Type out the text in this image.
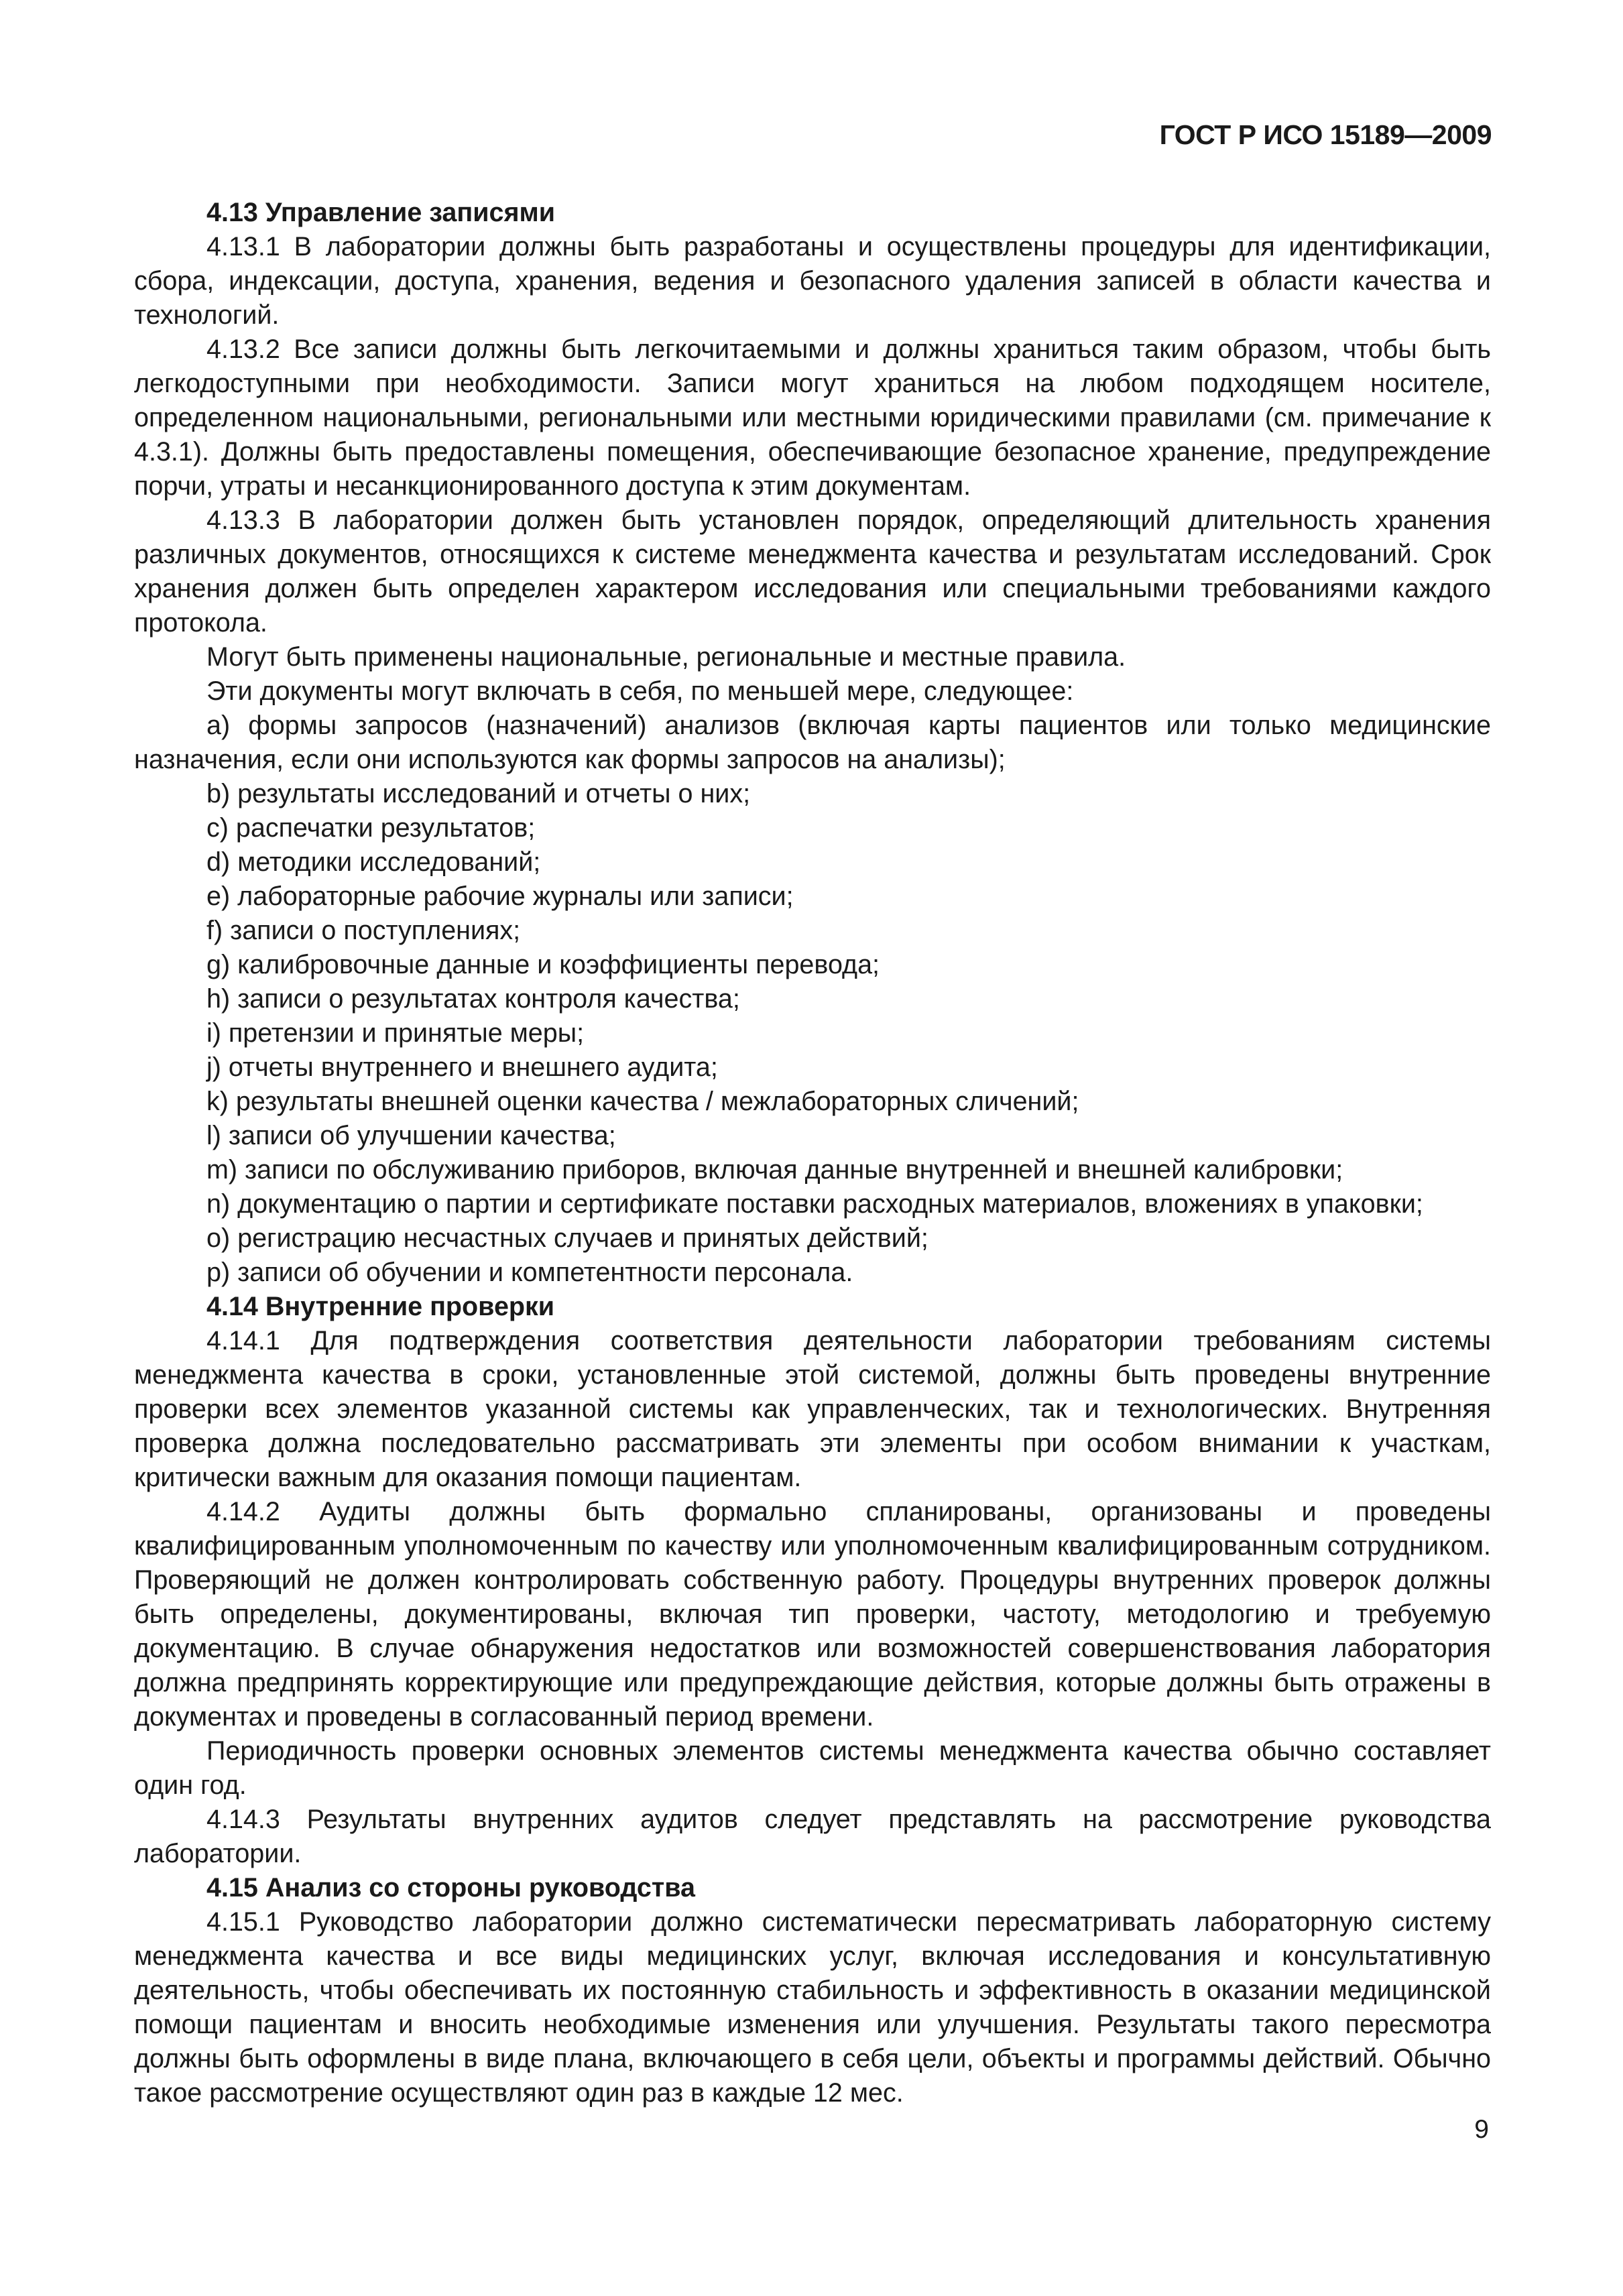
ГОСТ Р ИСО 15189—2009

4.13 Управление записями

4.13.1 В лаборатории должны быть разработаны и осуществлены процедуры для идентификации, сбора, индексации, доступа, хранения, ведения и безопасного удаления записей в области качества и технологий.

4.13.2 Все записи должны быть легкочитаемыми и должны храниться таким образом, чтобы быть легкодоступными при необходимости. Записи могут храниться на любом подходящем носителе, определенном национальными, региональными или местными юридическими правилами (см. примечание к 4.3.1). Должны быть предоставлены помещения, обеспечивающие безопасное хранение, предупреждение порчи, утраты и несанкционированного доступа к этим документам.

4.13.3 В лаборатории должен быть установлен порядок, определяющий длительность хранения различных документов, относящихся к системе менеджмента качества и результатам исследований. Срок хранения должен быть определен характером исследования или специальными требованиями каждого протокола.

Могут быть применены национальные, региональные и местные правила.

Эти документы могут включать в себя, по меньшей мере, следующее:

a) формы запросов (назначений) анализов (включая карты пациентов или только медицинские назначения, если они используются как формы запросов на анализы);

b) результаты исследований и отчеты о них;

c) распечатки результатов;

d) методики исследований;

e) лабораторные рабочие журналы или записи;

f) записи о поступлениях;

g) калибровочные данные и коэффициенты перевода;

h) записи о результатах контроля качества;

i) претензии и принятые меры;

j) отчеты внутреннего и внешнего аудита;

k) результаты внешней оценки качества / межлабораторных сличений;

l) записи об улучшении качества;

m) записи по обслуживанию приборов, включая данные внутренней и внешней калибровки;

n) документацию о партии и сертификате поставки расходных материалов, вложениях в упаковки;

o) регистрацию несчастных случаев и принятых действий;

p) записи об обучении и компетентности персонала.

4.14 Внутренние проверки

4.14.1 Для подтверждения соответствия деятельности лаборатории требованиям системы менеджмента качества в сроки, установленные этой системой, должны быть проведены внутренние проверки всех элементов указанной системы как управленческих, так и технологических. Внутренняя проверка должна последовательно рассматривать эти элементы при особом внимании к участкам, критически важным для оказания помощи пациентам.

4.14.2 Аудиты должны быть формально спланированы, организованы и проведены квалифицированным уполномоченным по качеству или уполномоченным квалифицированным сотрудником. Проверяющий не должен контролировать собственную работу. Процедуры внутренних проверок должны быть определены, документированы, включая тип проверки, частоту, методологию и требуемую документацию. В случае обнаружения недостатков или возможностей совершенствования лаборатория должна предпринять корректирующие или предупреждающие действия, которые должны быть отражены в документах и проведены в согласованный период времени.

Периодичность проверки основных элементов системы менеджмента качества обычно составляет один год.

4.14.3 Результаты внутренних аудитов следует представлять на рассмотрение руководства лаборатории.

4.15 Анализ со стороны руководства

4.15.1 Руководство лаборатории должно систематически пересматривать лабораторную систему менеджмента качества и все виды медицинских услуг, включая исследования и консультативную деятельность, чтобы обеспечивать их постоянную стабильность и эффективность в оказании медицинской помощи пациентам и вносить необходимые изменения или улучшения. Результаты такого пересмотра должны быть оформлены в виде плана, включающего в себя цели, объекты и программы действий. Обычно такое рассмотрение осуществляют один раз в каждые 12 мес.

9
